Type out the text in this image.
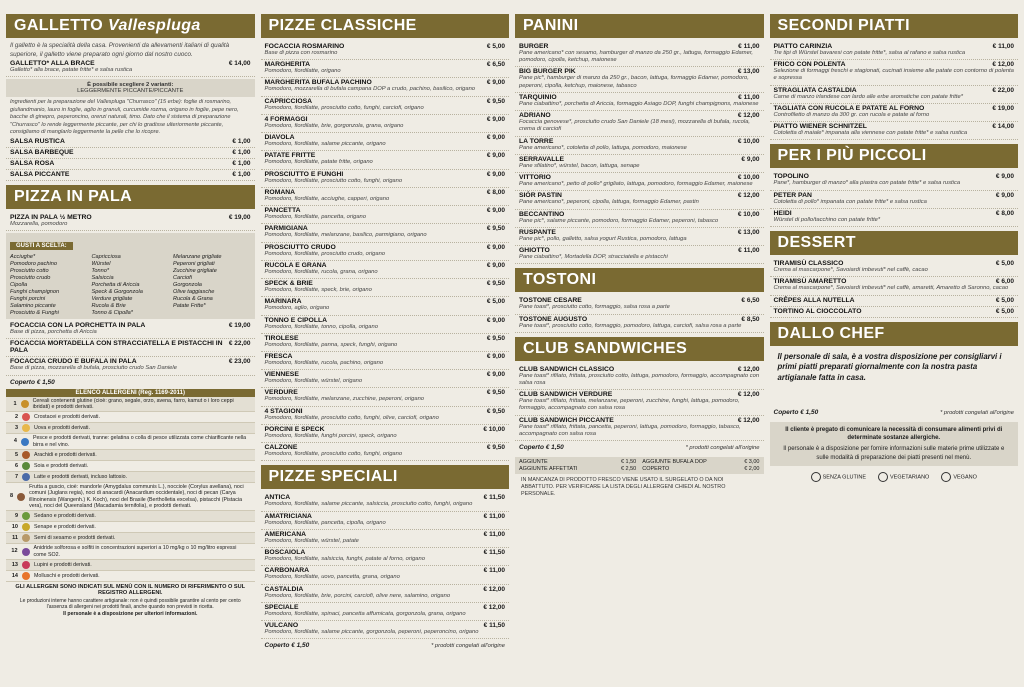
GALLETTO Vallespluga
Il galletto è la specialità della casa. Provenienti da allevamenti italiani di qualità superiore, il galletto viene preparato ogni giorno dal nostro cuoco.
GALLETTO* ALLA BRACE	€ 14,00
Galletto* alla brace, patate fritte* e salsa rustica
È possibile scegliere 2 varianti:
LEGGERMENTE PICCANTE/PICCANTE
Ingredienti per la preparazione del Vallespluga "Churrasco" (15 erbe): foglie di rosmarino, giuliandmanio, lauro in foglie, aglio in granuli, curcumide rozma, origano in foglie, pepe nero, bacche di ginepro, peperoncino, orenzi naturali, timo. Dato che il sistema di preparazione "Churrasco" lo rende leggermente piccante, per chi lo gradisse ulteriormente piccante, consigliamo di manglarlo leggermente la pelle che lo ricopre.
SALSA RUSTICA	€ 1,00
SALSA BARBEQUE	€ 1,00
SALSA ROSA	€ 1,00
SALSA PICCANTE	€ 1,00
PIZZA IN PALA
PIZZA IN PALA ½ METRO	€ 19,00
Mozzarella, pomodoro
GUSTI A SCELTA:
Acciughe*	Capricciosa	Melanzane grigliate
Pomodoro pachino	Würstel	Peperoni grigliati
Prosciutto cotto	Tonno*	Zucchine grigliate
Prosciutto crudo	Salsiccia	Carciofi
Cipolla	Porchetta di Ariccia	Gorgonzola
Funghi champignon	Speck & Gorgonzola	Olive taggiasche
Funghi porcini	Verdure grigliate	Rucola & Grana
Salamino piccante	Rucola & Brie	Patate Fritte*
Prosciutto & Funghi	Tonno & Cipolla*
FOCACCIA CON LA PORCHETTA IN PALA	€ 19,00
Base di pizza, porchetta di Ariccia
FOCACCIA MORTADELLA CON STRACCIATELLA E PISTACCHI IN PALA
€ 22,00
FOCACCIA CRUDO E BUFALA IN PALA	€ 23,00
Base di pizza, mozzarella di bufala, prosciutto crudo San Daniele
Coperto € 1,50
ELENCO ALLERGENI (Reg. 1169-2011)
1
Cereali contenenti glutine (cioè: grano, segale, orzo, avena, farro, kamut o i loro ceppi ibridati) e prodotti derivati.
2	Crostacei e prodotti derivati.
3	Uova e prodotti derivati.
4
Pesce e prodotti derivati, tranne: gelatina o colla di pesce utilizzata come chiarificante nella birra e nel vino.
5	Arachidi e prodotti derivati.
6	Soia e prodotti derivati.
7	Latte e prodotti derivati, incluso lattosio.
8
Frutta a guscio, cioè: mandorle (Amygdalus communis L.), nocciole (Corylus avellana), noci comuni (Juglans regia), noci di anacardi (Anacardium occidentale), noci di pecan (Carya illinoinensis (Wangenh.) K. Koch), noci del Brasile (Bertholletia excelsa), pistacchi (Pistacia vera), noci del Queensland (Macadamia ternifolia), e prodotti derivati.
9	Sedano e prodotti derivati.
10	Senape e prodotti derivati.
11	Semi di sesamo e prodotti derivati.
12
Anidride solforosa e solfiti in concentrazioni superiori a 10 mg/kg o 10 mg/litro espressi come SO2.
13	Lupini e prodotti derivati.
14	Molluschi e prodotti derivati.
GLI ALLERGENI SONO INDICATI SUL MENÙ CON IL NUMERO DI RIFERIMENTO O SUL REGISTRO ALLERGENI.
Le produzioni interne hanno carattere artigianale: non è quindi possibile garantire al cento per cento l'assenza di allergeni nei prodotti finali, anche quando non previsti in ricetta.
Il personale è a disposizione per ulteriori informazioni.
PIZZE CLASSICHE
FOCACCIA ROSMARINO	€ 5,00
Base di pizza con rosmarino
MARGHERITA	€ 6,50
Pomodoro, fiordilatte, origano
MARGHERITA BUFALA PACHINO	€ 9,00
Pomodoro, mozzarella di bufala campana DOP a crudo, pachino, basilico, origano
CAPRICCIOSA	€ 9,50
Pomodoro, fiordilatte, prosciutto cotto, funghi, carciofi, origano
4 FORMAGGI	€ 9,00
Pomodoro, fiordilatte, brie, gorgonzola, grana, origano
DIAVOLA	€ 9,00
Pomodoro, fiordilatte, salame piccante, origano
PATATE FRITTE	€ 9,00
Pomodoro, fiordilatte, patate fritte, origano
PROSCIUTTO E FUNGHI	€ 9,00
Pomodoro, fiordilatte, prosciutto cotto, funghi, origano
ROMANA	€ 8,00
Pomodoro, fiordilatte, acciughe, capperi, origano
PANCETTA	€ 9,00
Pomodoro, fiordilatte, pancetta, origano
PARMIGIANA	€ 9,50
Pomodoro, fiordilatte, melanzane, basilico, parmigiano, origano
PROSCIUTTO CRUDO	€ 9,00
Pomodoro, fiordilatte, prosciutto crudo, origano
RUCOLA E GRANA	€ 9,00
Pomodoro, fiordilatte, rucola, grana, origano
SPECK & BRIE	€ 9,50
Pomodoro, fiordilatte, speck, brie, origano
MARINARA	€ 5,00
Pomodoro, aglio, origano
TONNO E CIPOLLA	€ 9,00
Pomodoro, fiordilatte, tonno, cipolla, origano
TIROLESE	€ 9,50
Pomodoro, fiordilatte, panna, speck, funghi, origano
FRESCA	€ 9,00
Pomodoro, fiordilatte, rucola, pachino, origano
VIENNESE	€ 9,00
Pomodoro, fiordilatte, würstel, origano
VERDURE	€ 9,50
Pomodoro, fiordilatte, melanzane, zucchine, peperoni, origano
4 STAGIONI	€ 9,50
Pomodoro, fiordilatte, prosciutto cotto, funghi, olive, carciofi, origano
PORCINI E SPECK	€ 10,00
Pomodoro, fiordilatte, funghi porcini, speck, origano
CALZONE	€ 9,50
Pomodoro, fiordilatte, prosciutto cotto, funghi, origano
PIZZE SPECIALI
ANTICA	€ 11,50
Pomodoro, fiordilatte, salame piccante, salsiccia, prosciutto cotto, funghi, origano
AMATRICIANA	€ 11,00
Pomodoro, fiordilatte, pancetta, cipolla, origano
AMERICANA	€ 11,00
Pomodoro, fiordilatte, würstel, patate
BOSCAIOLA	€ 11,50
Pomodoro, fiordilatte, salsiccia, funghi, patate al forno, origano
CARBONARA	€ 11,00
Pomodoro, fiordilatte, uovo, pancetta, grana, origano
CASTALDIA	€ 12,00
Pomodoro, fiordilatte, brie, porcini, carciofi, olive nere, salamino, origano
SPECIALE	€ 12,00
Pomodoro, fiordilatte, spinaci, pancetta affumicata, gorgonzola, grana, origano
VULCANO	€ 11,50
Pomodoro, fiordilatte, salame piccante, gorgonzola, peperoni, peperoncino, origano
Coperto € 1,50	* prodotti congelati all'origine
PANINI
BURGER	€ 11,00
Pane americano* con sesamo, hamburger di manzo da 250 gr., lattuga, formaggio Edamer, pomodoro, cipolla, ketchup, maionese
BIG BURGER PIK	€ 13,00
Pane pic*, hamburger di manzo da 250 gr., bacon, lattuga, formaggio Edamer, pomodoro, peperoni, cipolla, ketchup, maionese, tabasco
TARQUINIO	€ 11,00
Pane ciabattino*, porchetta di Ariccia, formaggio Asiago DOP, funghi champignons, maionese
ADRIANO	€ 12,00
Focaccia genovese*, prosciutto crudo San Daniele (18 mesi), mozzarella di bufala, rucola, crema di carciofi
LA TORRE	€ 10,00
Pane americano*, cotoletta di pollo, lattuga, pomodoro, maionese
SERRAVALLE	€ 9,00
Pane sfilatino*, würstel, bacon, lattuga, senape
VITTORIO	€ 10,00
Pane americano*, petto di pollo* grigliato, lattuga, pomodoro, formaggio Edamer, maionese
SIÓR PASTIN	€ 12,00
Pane americano*, peperoni, cipolla, lattuga, formaggio Edamer, pastin
BECCANTINO	€ 10,00
Pane pic*, salame piccante, pomodoro, formaggio Edamer, peperoni, tabasco
RUSPANTE	€ 13,00
Pane pic*, pollo, galletto, salsa yogurt Rustica, pomodoro, lattuga
GHIOTTO	€ 11,00
Pane ciabattino*, Mortadella DOP, stracciatella e pistacchi
TOSTONI
TOSTONE CESARE	€ 6,50
Pane toast*, prosciutto cotto, formaggio, salsa rosa a parte
TOSTONE AUGUSTO	€ 8,50
Pane toast*, prosciutto cotto, formaggio, pomodoro, lattuga, carciofi, salsa rosa a parte
CLUB SANDWICHES
CLUB SANDWICH CLASSICO	€ 12,00
Pane toast* rifilato, frittata, prosciutto cotto, lattuga, pomodoro, formaggio, accompagnato con salsa rosa
CLUB SANDWICH VERDURE	€ 12,00
Pane toast* rifilato, frittata, melanzane, peperoni, zucchine, funghi, lattuga, pomodoro, formaggio, accompagnato con salsa rosa
CLUB SANDWICH PICCANTE	€ 12,00
Pane toast* rifilato, frittata, pancetta, peperoni, lattuga, pomodoro, formaggio, tabasco, accompagnato con salsa rosa
Coperto € 1,50	* prodotti congelati all'origine
AGGIUNTE	€ 1,50 AGGIUNTE BUFALA DOP	€ 3,00
AGGIUNTE AFFETTATI	€ 2,50 COPERTO	€ 2,00
IN MANCANZA DI PRODOTTO FRESCO VIENE USATO IL SURGELATO O DA NOI ABBATTUTO. PER VERIFICARE LA LISTA DEGLI ALLERGENI CHIEDI AL NOSTRO PERSONALE.
SECONDI PIATTI
PIATTO CARINZIA	€ 11,00
Tre tipi di Würstel bavaresi con patate fritte*, salsa al rafano e salsa rustica
FRICO CON POLENTA	€ 12,00
Selezione di formaggi freschi e stagionati, cucinati insieme alle patate con contorno di polenta e sopressa
STRAGLIATA CASTALDIA	€ 22,00
Carne di manzo irlandese con lardo alle erbe aromatiche con patate fritte*
TAGLIATA CON RUCOLA E PATATE AL FORNO	€ 19,00
Controfiletto di manzo da 300 gr. con rucola e patate al forno
PIATTO WIENER SCHNITZEL	€ 14,00
Cotoletta di maiale* impanata alla viennese con patate fritte* e salsa rustica
PER I PIÙ PICCOLI
TOPOLINO	€ 9,00
Pane*, hamburger di manzo* alla piastra con patate fritte* e salsa rustica
PETER PAN	€ 9,00
Cotoletta di pollo* impanata con patate fritte* e salsa rustica
HEIDI	€ 8,00
Würstel di pollo/tacchino con patate fritte*
DESSERT
TIRAMISÙ CLASSICO	€ 5,00
Crema al mascarpone*, Savoiardi imbevuti* nel caffè, cacao
TIRAMISÙ AMARETTO	€ 6,00
Crema al mascarpone*, Savoiardi imbevuti* nel caffè, amaretti, Amaretto di Saronno, cacao
CRÊPES ALLA NUTELLA	€ 5,00
TORTINO AL CIOCCOLATO	€ 5,00
DALLO CHEF
Il personale di sala, è a vostra disposizione per consigliarvi i primi piatti preparati giornalmente con la nostra pasta artigianale fatta in casa.
Coperto € 1,50	* prodotti congelati all'origine
Il cliente è pregato di comunicare la necessità di consumare alimenti privi di determinate sostanze allergiche.
Il personale è a disposizione per fornire informazioni sulle materie prime utilizzate e sulle modalità di preparazione dei piatti presenti nel menù.
SENZA GLUTINE	VEGETARIANO	VEGANO
